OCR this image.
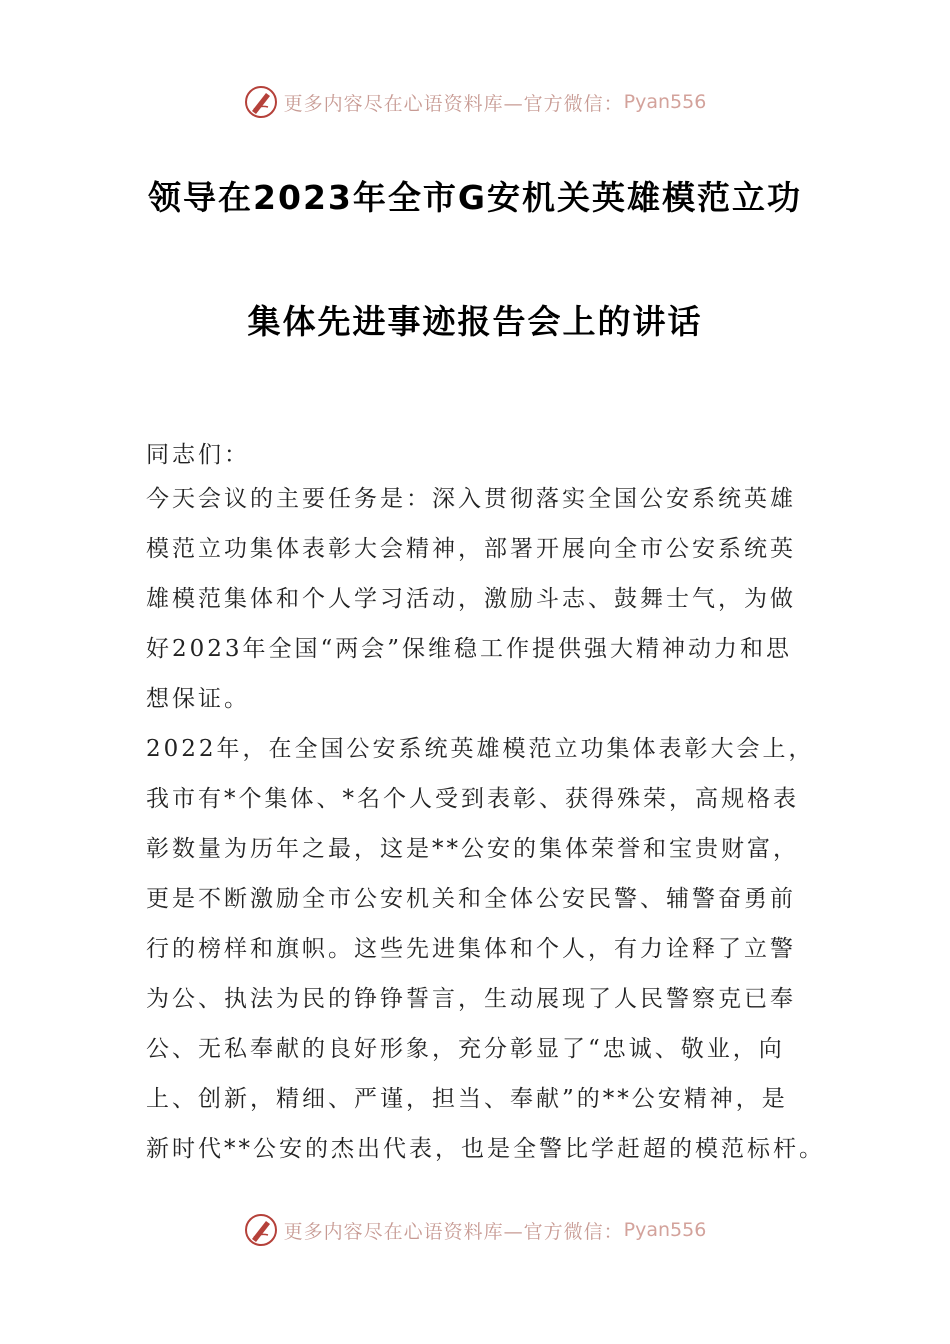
更多内容尽在心语资料库—官方微信： Pyan556
领导在2023年全市G安机关英雄模范立功
集体先进事迹报告会上的讲话
同志们：
今天会议的主要任务是：深入贯彻落实全国公安系统英雄
模范立功集体表彰大会精神，部署开展向全市公安系统英
雄模范集体和个人学习活动，激励斗志、鼓舞士气，为做
好2023年全国“两会”保维稳工作提供强大精神动力和思
想保证。
2022年，在全国公安系统英雄模范立功集体表彰大会上，
我市有*个集体、*名个人受到表彰、获得殊荣，高规格表
彰数量为历年之最，这是**公安的集体荣誉和宝贵财富，
更是不断激励全市公安机关和全体公安民警、辅警奋勇前
行的榜样和旗帜。这些先进集体和个人，有力诠释了立警
为公、执法为民的铮铮誓言，生动展现了人民警察克已奉
公、无私奉献的良好形象，充分彰显了“忠诚、敬业，向
上、创新，精细、严谨，担当、奉献”的**公安精神，是
新时代**公安的杰出代表，也是全警比学赶超的模范标杆。
更多内容尽在心语资料库—官方微信： Pyan556
